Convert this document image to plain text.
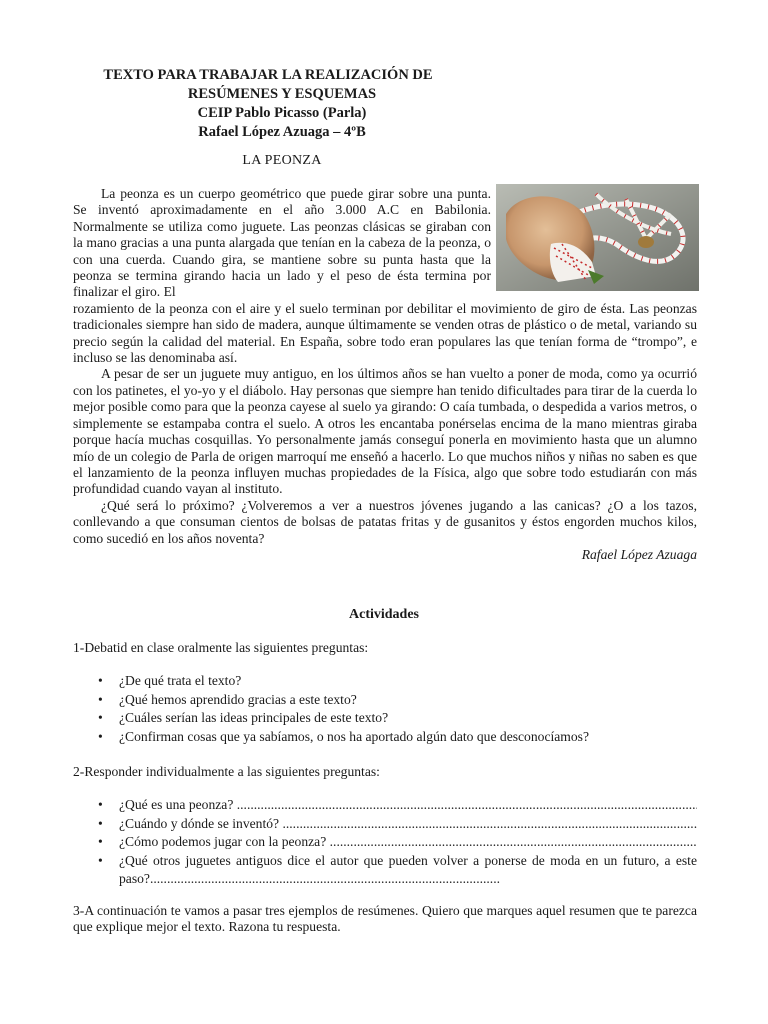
TEXTO PARA TRABAJAR LA REALIZACIÓN DE
RESÚMENES Y ESQUEMAS
CEIP Pablo Picasso (Parla)
Rafael López Azuaga – 4ºB
LA PEONZA

La peonza es un cuerpo geométrico que puede girar sobre una punta. Se inventó aproximadamente en el año 3.000 A.C en Babilonia. Normalmente se utiliza como juguete. Las peonzas clásicas se giraban con la mano gracias a una punta alargada que tenían en la cabeza de la peonza, o con una cuerda. Cuando gira, se mantiene sobre su punta hasta que la peonza se termina girando hacia un lado y el peso de ésta termina por finalizar el giro. El

rozamiento de la peonza con el aire y el suelo terminan por debilitar el movimiento de giro de ésta. Las peonzas tradicionales siempre han sido de madera, aunque últimamente se venden otras de plástico o de metal, variando su precio según la calidad del material. En España, sobre todo eran populares las que tenían forma de “trompo”, e incluso se las denominaba así.

A pesar de ser un juguete muy antiguo, en los últimos años se han vuelto a poner de moda, como ya ocurrió con los patinetes, el yo-yo y el diábolo. Hay personas que siempre han tenido dificultades para tirar de la cuerda lo mejor posible como para que la peonza cayese al suelo ya girando: O caía tumbada, o despedida a varios metros, o simplemente se estampaba contra el suelo. A otros les encantaba ponérselas encima de la mano mientras giraba porque hacía muchas cosquillas. Yo personalmente jamás conseguí ponerla en movimiento hasta que un alumno mío de un colegio de Parla de origen marroquí me enseñó a hacerlo. Lo que muchos niños y niñas no saben es que el lanzamiento de la peonza influyen muchas propiedades de la Física, algo que sobre todo estudiarán con más profundidad cuando vayan al instituto.

¿Qué será lo próximo? ¿Volveremos a ver a nuestros jóvenes jugando a las canicas? ¿O a los tazos, conllevando a que consuman cientos de bolsas de patatas fritas y de gusanitos y éstos engorden muchos kilos, como sucedió en los años noventa?

Rafael López Azuaga

Actividades
1-Debatid en clase oralmente las siguientes preguntas:
• ¿De qué trata el texto?
• ¿Qué hemos aprendido gracias a este texto?
• ¿Cuáles serían las ideas principales de este texto?
• ¿Confirman cosas que ya sabíamos, o nos ha aportado algún dato que desconocíamos?
2-Responder individualmente a las siguientes preguntas:
• ¿Qué es una peonza? .....
• ¿Cuándo y dónde se inventó? .....
• ¿Cómo podemos jugar con la peonza? .....
• ¿Qué otros juguetes antiguos dice el autor que pueden volver a ponerse de moda en un futuro, a este paso?.......................................................................................................
3-A continuación te vamos a pasar tres ejemplos de resúmenes. Quiero que marques aquel resumen que te parezca que explique mejor el texto. Razona tu respuesta.
